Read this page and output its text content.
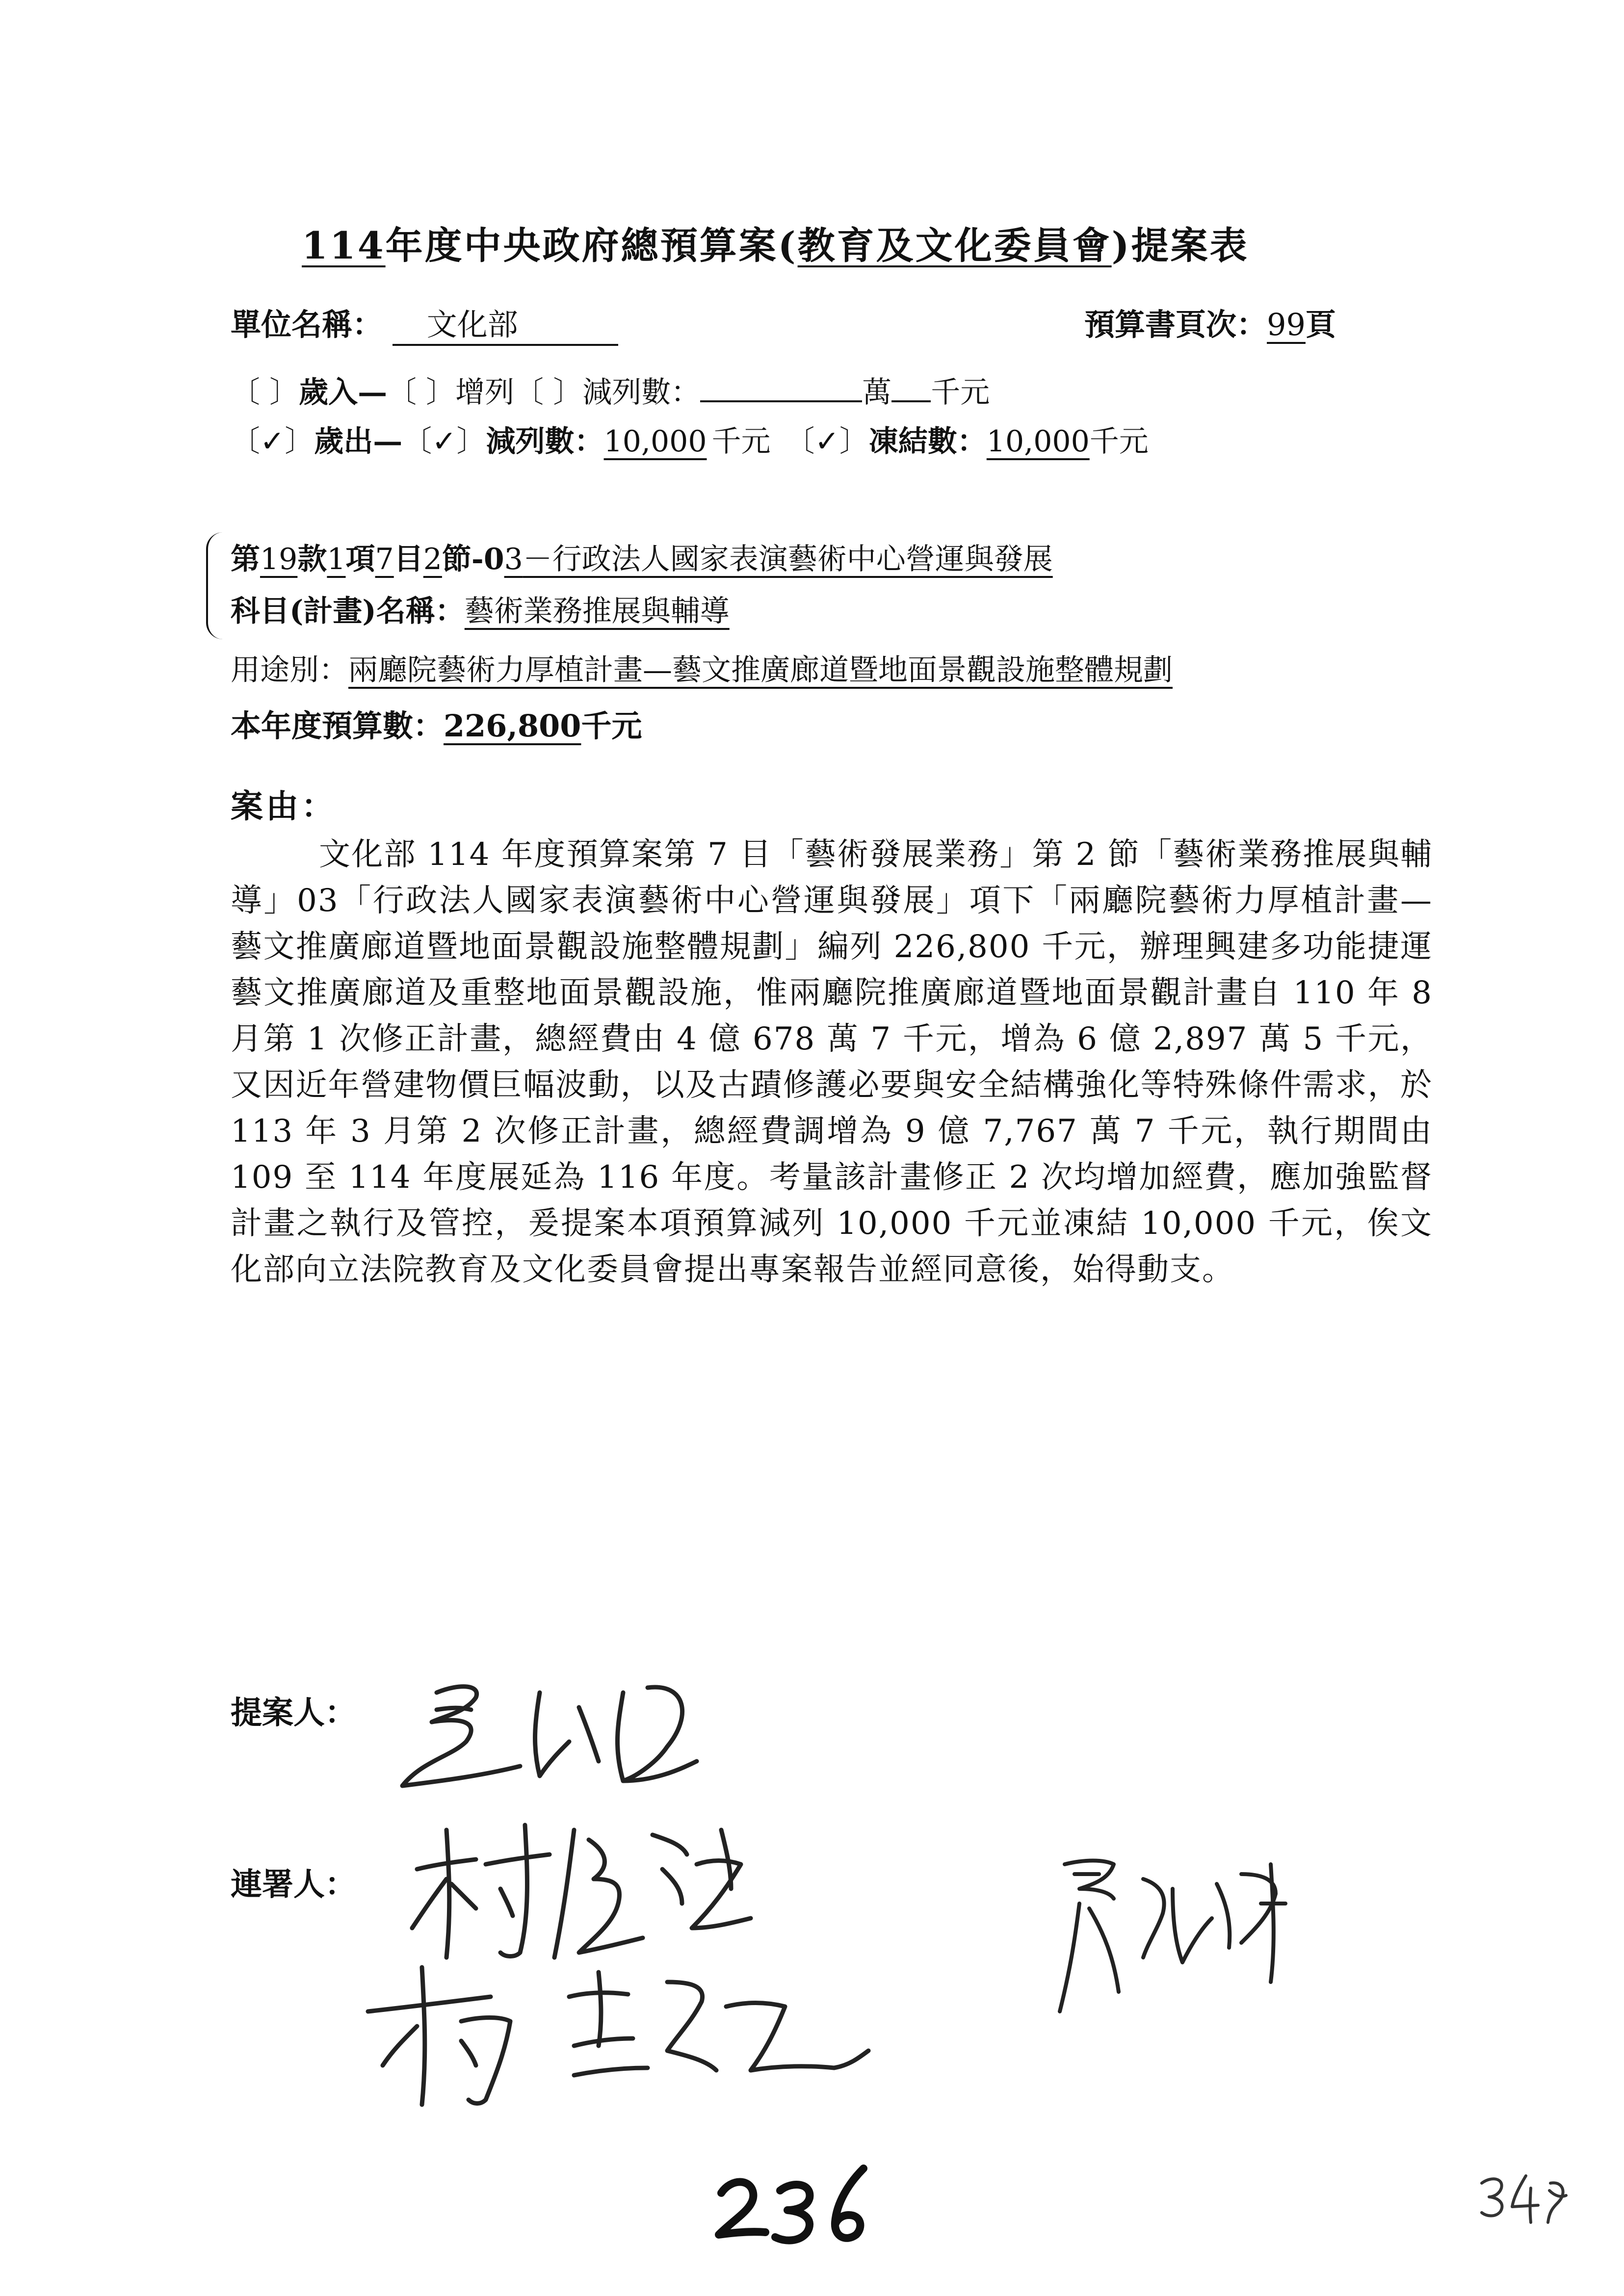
114年度中央政府總預算案(教育及文化委員會)提案表
單位名稱： 文化部	預算書頁次：99頁
〔 〕歲入—〔 〕增列〔 〕減列數：	萬 千元
〔✓〕歲出—〔✓〕減列數：10,000 千元 〔✓〕凍結數：10,000千元
第19款1項7目2節-03－行政法人國家表演藝術中心營運與發展
科目(計畫)名稱：藝術業務推展與輔導
用途別：兩廳院藝術力厚植計畫—藝文推廣廊道暨地面景觀設施整體規劃
本年度預算數：226,800千元
案由：
文化部 114 年度預算案第 7 目「藝術發展業務」第 2 節「藝術業務推展與輔導」03「行政法人國家表演藝術中心營運與發展」項下「兩廳院藝術力厚植計畫—藝文推廣廊道暨地面景觀設施整體規劃」編列 226,800 千元，辦理興建多功能捷運藝文推廣廊道及重整地面景觀設施，惟兩廳院推廣廊道暨地面景觀計畫自 110 年 8 月第 1 次修正計畫，總經費由 4 億 678 萬 7 千元，增為 6 億 2,897 萬 5 千元，又因近年營建物價巨幅波動，以及古蹟修護必要與安全結構強化等特殊條件需求，於 113 年 3 月第 2 次修正計畫，總經費調增為 9 億 7,767 萬 7 千元，執行期間由 109 至 114 年度展延為 116 年度。考量該計畫修正 2 次均增加經費，應加強監督計畫之執行及管控，爰提案本項預算減列 10,000 千元並凍結 10,000 千元，俟文化部向立法院教育及文化委員會提出專案報告並經同意後，始得動支。
提案人：
連署人：
